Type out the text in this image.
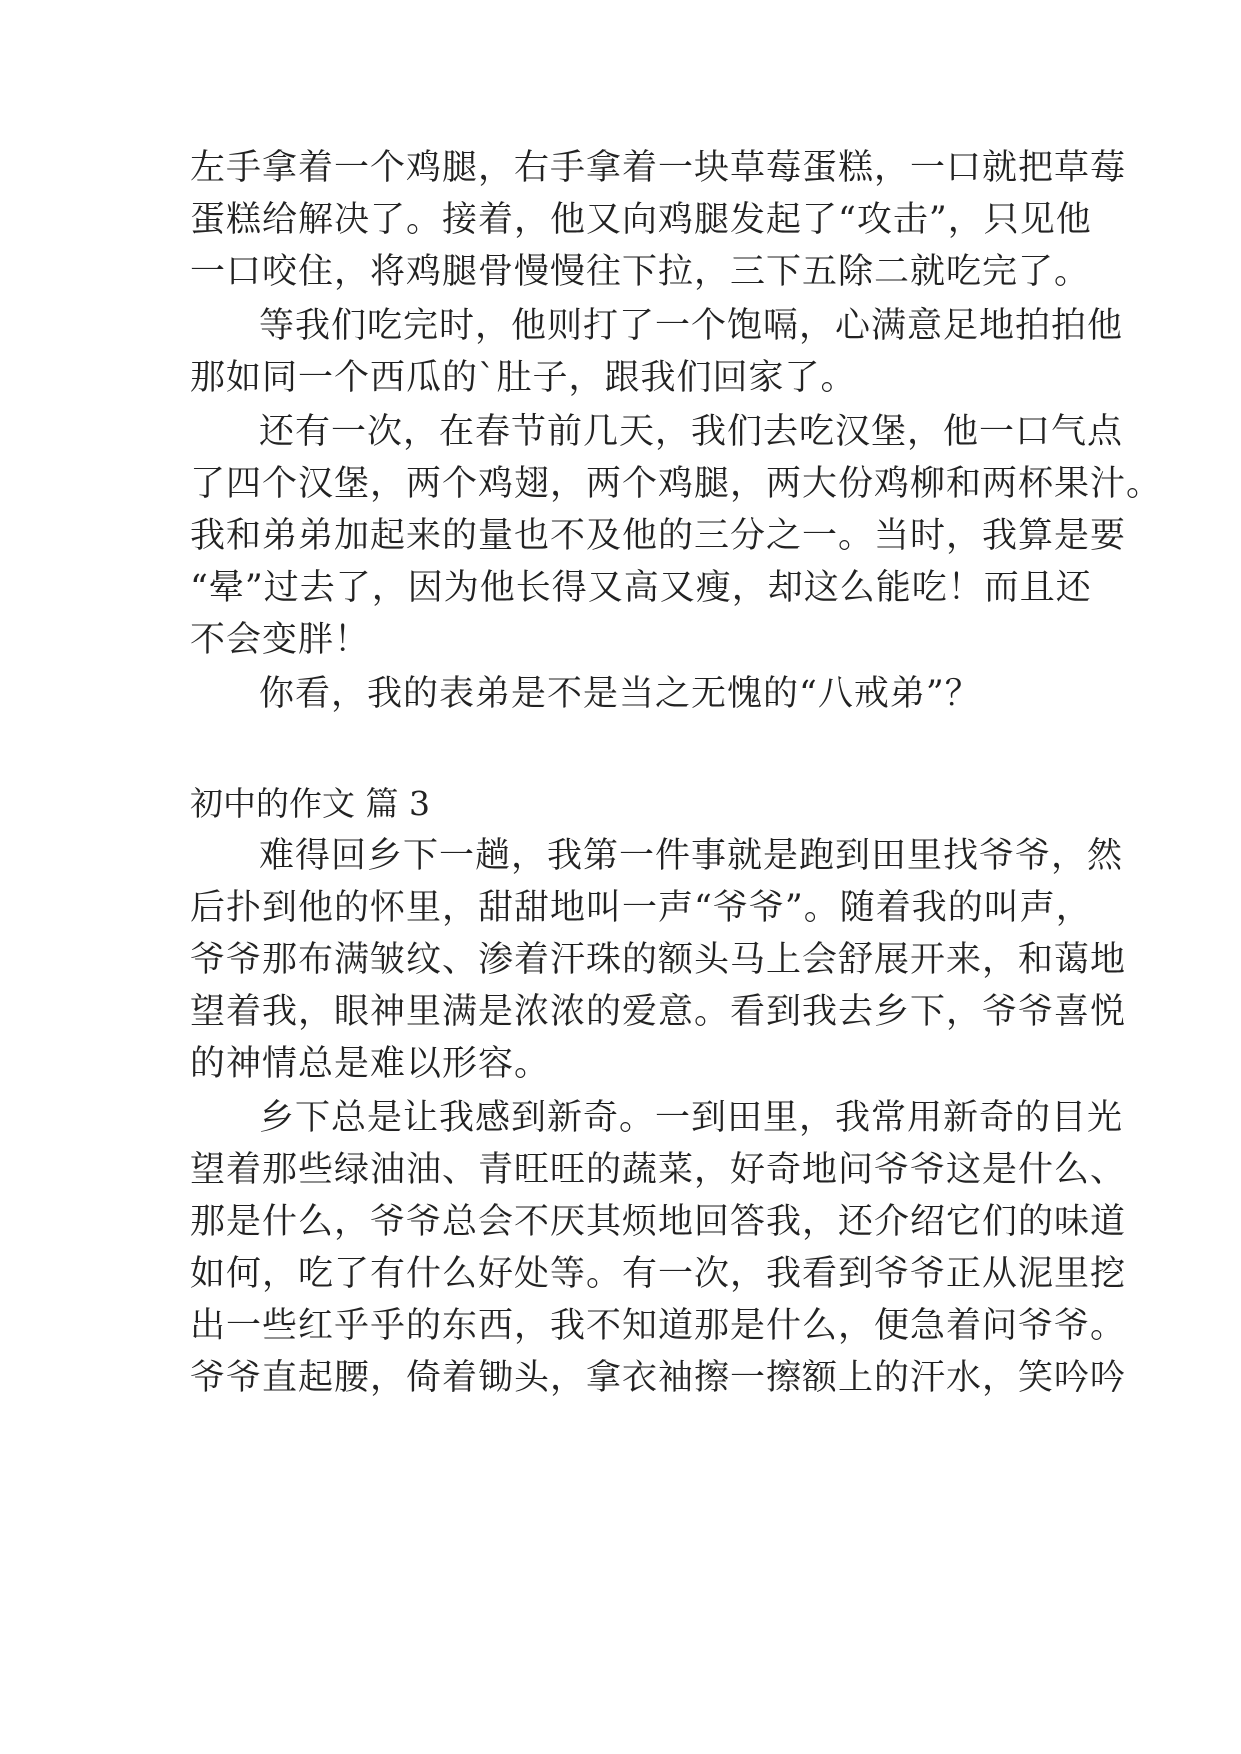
左手拿着一个鸡腿，右手拿着一块草莓蛋糕，一口就把草莓
蛋糕给解决了。接着，他又向鸡腿发起了“攻击”，只见他
一口咬住，将鸡腿骨慢慢往下拉，三下五除二就吃完了。
等我们吃完时，他则打了一个饱嗝，心满意足地拍拍他
那如同一个西瓜的`肚子，跟我们回家了。
还有一次，在春节前几天，我们去吃汉堡，他一口气点
了四个汉堡，两个鸡翅，两个鸡腿，两大份鸡柳和两杯果汁。
我和弟弟加起来的量也不及他的三分之一。当时，我算是要
“晕”过去了，因为他长得又高又瘦，却这么能吃！而且还
不会变胖！
你看，我的表弟是不是当之无愧的“八戒弟”？
初中的作文 篇 3
难得回乡下一趟，我第一件事就是跑到田里找爷爷，然
后扑到他的怀里，甜甜地叫一声“爷爷”。随着我的叫声，
爷爷那布满皱纹、渗着汗珠的额头马上会舒展开来，和蔼地
望着我，眼神里满是浓浓的爱意。看到我去乡下，爷爷喜悦
的神情总是难以形容。
乡下总是让我感到新奇。一到田里，我常用新奇的目光
望着那些绿油油、青旺旺的蔬菜，好奇地问爷爷这是什么、
那是什么，爷爷总会不厌其烦地回答我，还介绍它们的味道
如何，吃了有什么好处等。有一次，我看到爷爷正从泥里挖
出一些红乎乎的东西，我不知道那是什么，便急着问爷爷。
爷爷直起腰，倚着锄头，拿衣袖擦一擦额上的汗水，笑吟吟
